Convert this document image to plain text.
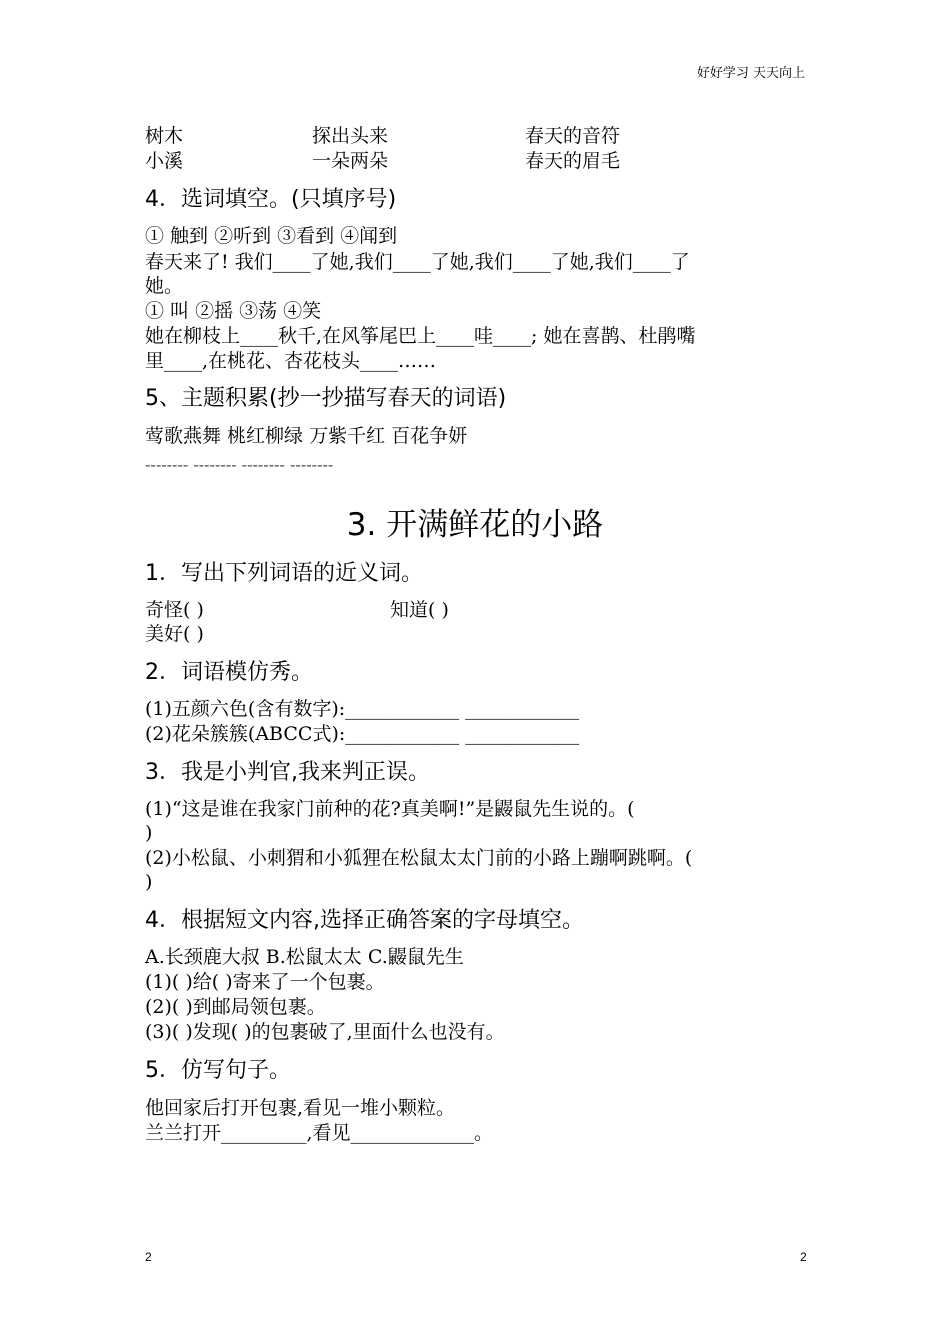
好好学习 天天向上
树木	探出头来	春天的音符
小溪	一朵两朵	春天的眉毛
4．选词填空。(只填序号)
① 触到 ②听到 ③看到 ④闻到
春天来了! 我们____了她,我们____了她,我们____了她,我们____了
她。
① 叫 ②摇 ③荡 ④笑
她在柳枝上____秋千,在风筝尾巴上____哇____; 她在喜鹊、杜鹃嘴
里____,在桃花、杏花枝头____……
5、主题积累(抄一抄描写春天的词语)
莺歌燕舞 桃红柳绿 万紫千红 百花争妍
-------- -------- -------- --------
3. 开满鲜花的小路
1．写出下列词语的近义词。
奇怪( )	知道( )
美好( )
2．词语模仿秀。
(1)五颜六色(含有数字):____________ ____________
(2)花朵簇簇(ABCC式):____________ ____________
3．我是小判官,我来判正误。
(1)“这是谁在我家门前种的花?真美啊!”是鼹鼠先生说的。(
)
(2)小松鼠、小刺猬和小狐狸在松鼠太太门前的小路上蹦啊跳啊。(
)
4．根据短文内容,选择正确答案的字母填空。
A.长颈鹿大叔 B.松鼠太太 C.鼹鼠先生
(1)( )给( )寄来了一个包裹。
(2)( )到邮局领包裹。
(3)( )发现( )的包裹破了,里面什么也没有。
5．仿写句子。
他回家后打开包裹,看见一堆小颗粒。
兰兰打开_________,看见_____________。
2	2
